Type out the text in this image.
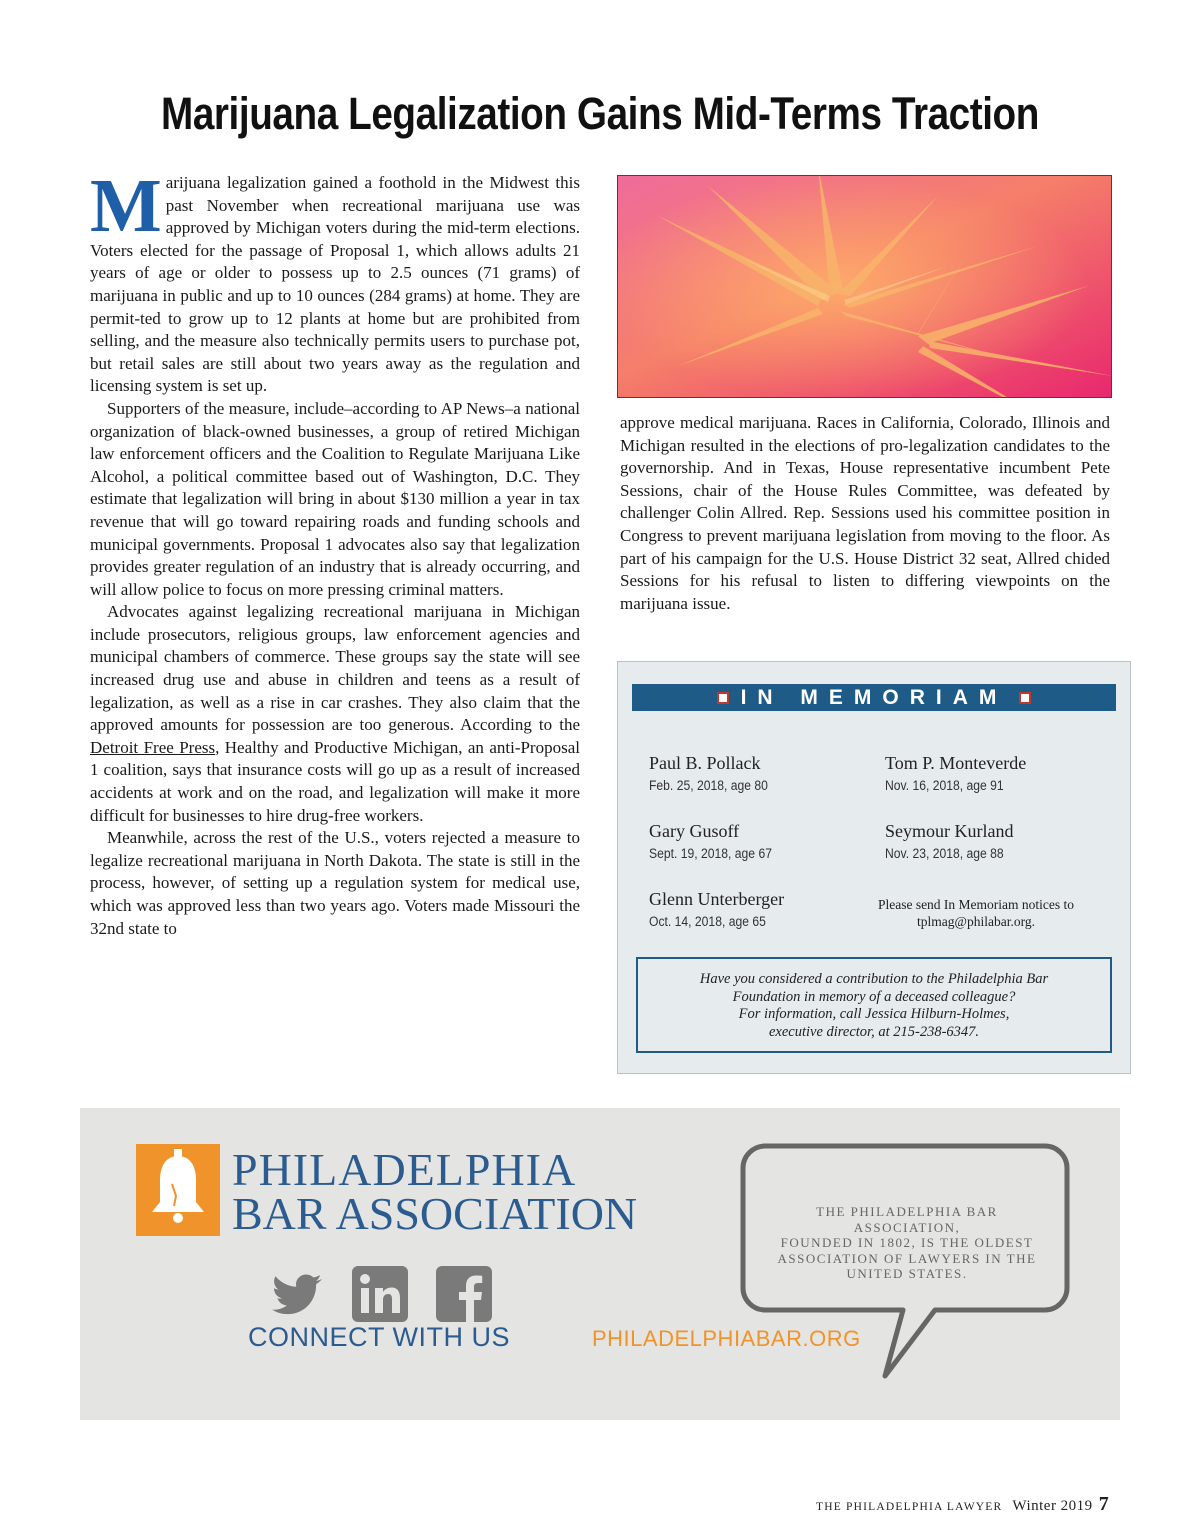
Marijuana Legalization Gains Mid-Terms Traction

Marijuana legalization gained a foothold in the Midwest this past November when recreational marijuana use was approved by Michigan voters during the mid-term elections. Voters elected for the passage of Proposal 1, which allows adults 21 years of age or older to possess up to 2.5 ounces (71 grams) of marijuana in public and up to 10 ounces (284 grams) at home. They are permit-ted to grow up to 12 plants at home but are prohibited from selling, and the measure also technically permits users to purchase pot, but retail sales are still about two years away as the regulation and licensing system is set up.

Supporters of the measure, include–according to AP News–a national organization of black-owned businesses, a group of retired Michigan law enforcement officers and the Coalition to Regulate Marijuana Like Alcohol, a political committee based out of Washington, D.C. They estimate that legalization will bring in about $130 million a year in tax revenue that will go toward repairing roads and funding schools and municipal governments. Proposal 1 advocates also say that legalization provides greater regulation of an industry that is already occurring, and will allow police to focus on more pressing criminal matters.

Advocates against legalizing recreational marijuana in Michigan include prosecutors, religious groups, law enforcement agencies and municipal chambers of commerce. These groups say the state will see increased drug use and abuse in children and teens as a result of legalization, as well as a rise in car crashes. They also claim that the approved amounts for possession are too generous. According to the Detroit Free Press, Healthy and Productive Michigan, an anti-Proposal 1 coalition, says that insurance costs will go up as a result of increased accidents at work and on the road, and legalization will make it more difficult for businesses to hire drug-free workers.

Meanwhile, across the rest of the U.S., voters rejected a measure to legalize recreational marijuana in North Dakota. The state is still in the process, however, of setting up a regulation system for medical use, which was approved less than two years ago. Voters made Missouri the 32nd state to

approve medical marijuana. Races in California, Colorado, Illinois and Michigan resulted in the elections of pro-legalization candidates to the governorship. And in Texas, House representative incumbent Pete Sessions, chair of the House Rules Committee, was defeated by challenger Colin Allred. Rep. Sessions used his committee position in Congress to prevent marijuana legislation from moving to the floor. As part of his campaign for the U.S. House District 32 seat, Allred chided Sessions for his refusal to listen to differing viewpoints on the marijuana issue.

IN MEMORIAM
Paul B. Pollack
Feb. 25, 2018, age 80
Tom P. Monteverde
Nov. 16, 2018, age 91
Gary Gusoff
Sept. 19, 2018, age 67
Seymour Kurland
Nov. 23, 2018, age 88
Glenn Unterberger
Oct. 14, 2018, age 65
Please send In Memoriam notices to
tplmag@philabar.org.
Have you considered a contribution to the Philadelphia Bar
Foundation in memory of a deceased colleague?
For information, call Jessica Hilburn-Holmes,
executive director, at 215-238-6347.
PHILADELPHIA
BAR ASSOCIATION
CONNECT WITH US	PHILADELPHIABAR.ORG
THE PHILADELPHIA BAR ASSOCIATION,
FOUNDED IN 1802, IS THE OLDEST
ASSOCIATION OF LAWYERS IN THE
UNITED STATES.
THE PHILADELPHIA LAWYER Winter 2019 7
